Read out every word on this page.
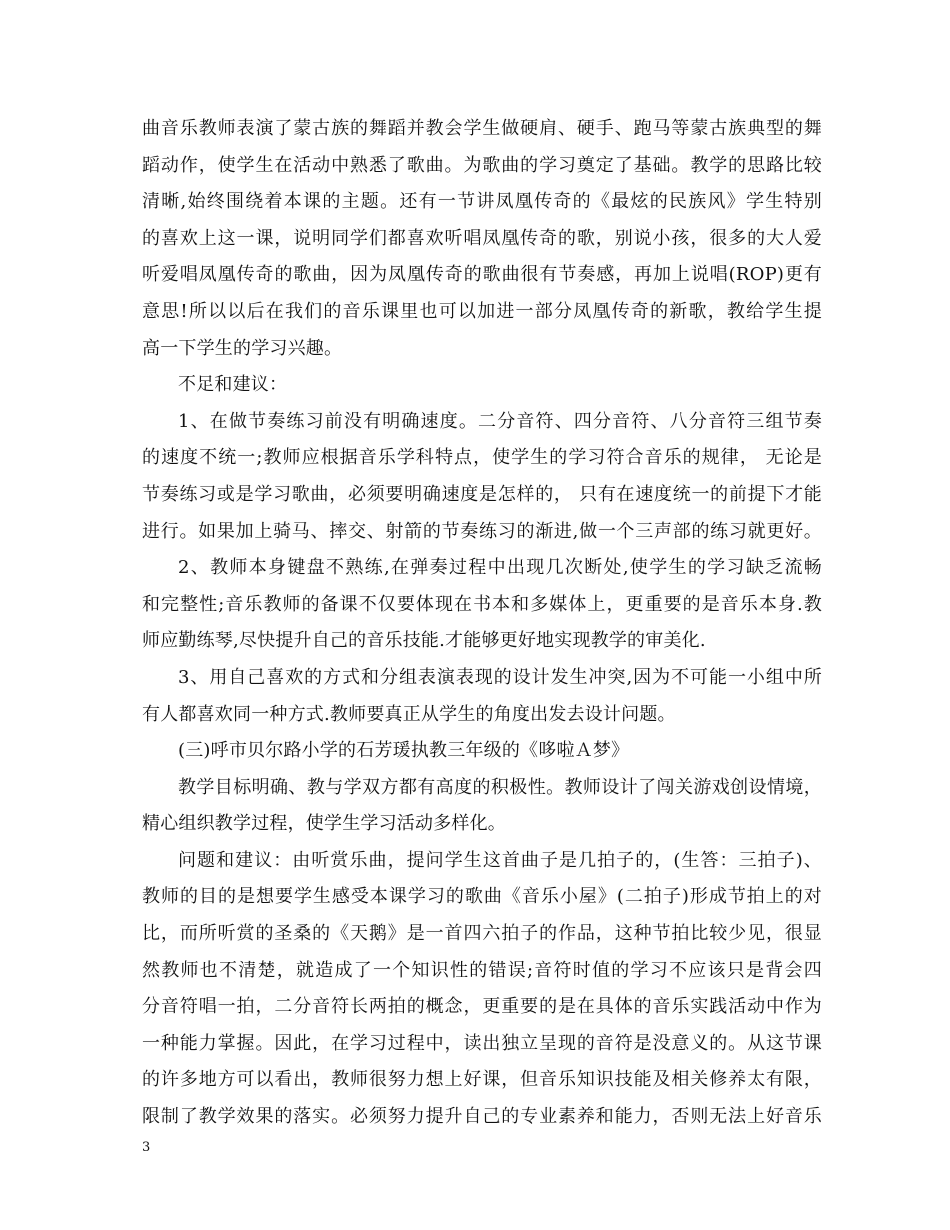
曲音乐教师表演了蒙古族的舞蹈并教会学生做硬肩、硬手、跑马等蒙古族典型的舞
蹈动作，使学生在活动中熟悉了歌曲。为歌曲的学习奠定了基础。教学的思路比较
清晰,始终围绕着本课的主题。还有一节讲凤凰传奇的《最炫的民族风》学生特别
的喜欢上这一课，说明同学们都喜欢听唱凤凰传奇的歌，别说小孩，很多的大人爱
听爱唱凤凰传奇的歌曲，因为凤凰传奇的歌曲很有节奏感，再加上说唱(ROP)更有
意思!所以以后在我们的音乐课里也可以加进一部分凤凰传奇的新歌，教给学生提
高一下学生的学习兴趣。
不足和建议：
1、在做节奏练习前没有明确速度。二分音符、四分音符、八分音符三组节奏
的速度不统一;教师应根据音乐学科特点，使学生的学习符合音乐的规律， 无论是
节奏练习或是学习歌曲，必须要明确速度是怎样的， 只有在速度统一的前提下才能
进行。如果加上骑马、摔交、射箭的节奏练习的渐进,做一个三声部的练习就更好。
2、教师本身键盘不熟练,在弹奏过程中出现几次断处,使学生的学习缺乏流畅
和完整性;音乐教师的备课不仅要体现在书本和多媒体上，更重要的是音乐本身.教
师应勤练琴,尽快提升自己的音乐技能.才能够更好地实现教学的审美化.
3、用自己喜欢的方式和分组表演表现的设计发生冲突,因为不可能一小组中所
有人都喜欢同一种方式.教师要真正从学生的角度出发去设计问题。
(三)呼市贝尔路小学的石芳瑗执教三年级的《哆啦Ａ梦》
教学目标明确、教与学双方都有高度的积极性。教师设计了闯关游戏创设情境，
精心组织教学过程，使学生学习活动多样化。
问题和建议：由听赏乐曲，提问学生这首曲子是几拍子的，(生答：三拍子)、
教师的目的是想要学生感受本课学习的歌曲《音乐小屋》(二拍子)形成节拍上的对
比，而所听赏的圣桑的《天鹅》是一首四六拍子的作品，这种节拍比较少见，很显
然教师也不清楚，就造成了一个知识性的错误;音符时值的学习不应该只是背会四
分音符唱一拍，二分音符长两拍的概念，更重要的是在具体的音乐实践活动中作为
一种能力掌握。因此，在学习过程中，读出独立呈现的音符是没意义的。从这节课
的许多地方可以看出，教师很努力想上好课，但音乐知识技能及相关修养太有限，
限制了教学效果的落实。必须努力提升自己的专业素养和能力，否则无法上好音乐
3
